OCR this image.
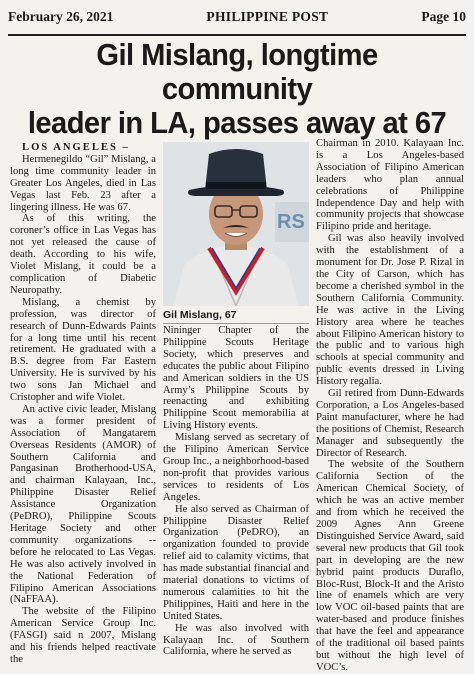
February 26, 2021	PHILIPPINE POST	Page 10
Gil Mislang, longtime community
leader in LA, passes away at 67

LOS ANGELES –

Hermenegildo “Gil” Mislang, a long time community leader in Greater Los Angeles, died in Las Vegas last Feb. 23 after a lingering illness. He was 67.

As of this writing, the coroner’s office in Las Vegas has not yet released the cause of death. According to his wife, Violet Mislang, it could be a complication of Diabetic Neuropathy.

Mislang, a chemist by profession, was director of research of Dunn-Edwards Paints for a long time until his recent retirement. He graduated with a B.S. degree from Far Eastern University. He is survived by his two sons Jan Michael and Cristopher and wife Violet.

An active civic leader, Mislang was a former president of Association of Mangatarem Overseas Residents (AMOR) of Southern California and Pangasinan Brotherhood-USA, and chairman Kalayaan, Inc., Philippine Disaster Relief Assistance Organization (PeDRO), Philippine Scouts Heritage Society and other community organizations -- before he relocated to Las Vegas. He was also actively involved in the National Federation of Filipino American Associations (NaFFAA).

The website of the Filipino American Service Group Inc. (FASGI) said n 2007, Mislang and his friends helped reactivate the

RS
Gil Mislang, 67

Nininger Chapter of the Philippine Scouts Heritage Society, which preserves and educates the public about Filipino and American soldiers in the US Army’s Philippine Scouts by reenacting and exhibiting Philippine Scout memorabilia at Living History events.

Mislang served as secretary of the Filipino American Service Group Inc., a neighborhood-based non-profit that provides various services to residents of Los Angeles.

He also served as Chairman of Philippine Disaster Relief Organization (PeDRO), an organization founded to provide relief aid to calamity victims, that has made substantial financial and material donations to victims of numerous calamities to hit the Philippines, Haiti and here in the United States.

He was also involved with Kalayaan Inc. of Southern California, where he served as

Chairman in 2010. Kalayaan Inc. is a Los Angeles-based Association of Filipino American leaders who plan annual celebrations of Philippine Independence Day and help with community projects that showcase Filipino pride and heritage.

Gil was also heavily involved with the establishment of a monument for Dr. Jose P. Rizal in the City of Carson, which has become a cherished symbol in the Southern California Community. He was active in the Living History area where he teaches about Filipino American history to the public and to various high schools at special community and public events dressed in Living History regalia.

Gil retired from Dunn-Edwards Corporation, a Los Angeles-based Paint manufacturer, where he had the positions of Chemist, Research Manager and subsequently the Director of Research.

The website of the Southern California Section of the American Chemical Society, of which he was an active member and from which he received the 2009 Agnes Ann Greene Distinguished Service Award, said several new products that Gil took part in developing are the new hybrid paint products Duraflo, Bloc-Rust, Block-It and the Aristo line of enamels which are very low VOC oil-based paints that are water-based and produce finishes that have the feel and appearance of the traditional oil based paints but without the high level of VOC’s.
